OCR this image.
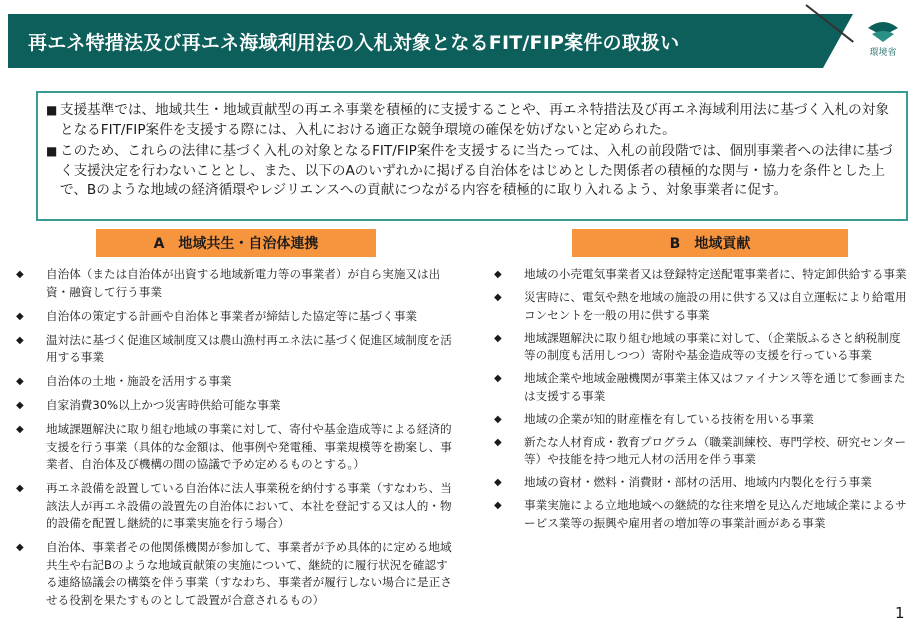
再エネ特措法及び再エネ海域利用法の入札対象となるFIT/FIP案件の取扱い	環境省
■ 支援基準では、地域共生・地域貢献型の再エネ事業を積極的に支援することや、再エネ特措法及び再エネ海域利用法に基づく入札の対象となるFIT/FIP案件を支援する際には、入札における適正な競争環境の確保を妨げないと定められた。
■ このため、これらの法律に基づく入札の対象となるFIT/FIP案件を支援するに当たっては、入札の前段階では、個別事業者への法律に基づく支援決定を行わないこととし、また、以下のAのいずれかに掲げる自治体をはじめとした関係者の積極的な関与・協力を条件とした上で、Bのような地域の経済循環やレジリエンスへの貢献につながる内容を積極的に取り入れるよう、対象事業者に促す。
A　地域共生・自治体連携	B　地域貢献
◆	自治体（または自治体が出資する地域新電力等の事業者）が自ら実施又は出資・融資して行う事業
◆	自治体の策定する計画や自治体と事業者が締結した協定等に基づく事業
◆	温対法に基づく促進区域制度又は農山漁村再エネ法に基づく促進区域制度を活用する事業
◆	自治体の土地・施設を活用する事業
◆	自家消費30%以上かつ災害時供給可能な事業
◆	地域課題解決に取り組む地域の事業に対して、寄付や基金造成等による経済的支援を行う事業（具体的な金額は、他事例や発電種、事業規模等を勘案し、事業者、自治体及び機構の間の協議で予め定めるものとする。）
◆	再エネ設備を設置している自治体に法人事業税を納付する事業（すなわち、当該法人が再エネ設備の設置先の自治体において、本社を登記する又は人的・物的設備を配置し継続的に事業実施を行う場合）
◆	自治体、事業者その他関係機関が参加して、事業者が予め具体的に定める地域共生や右記Bのような地域貢献策の実施について、継続的に履行状況を確認する連絡協議会の構築を伴う事業（すなわち、事業者が履行しない場合に是正させる役割を果たすものとして設置が合意されるもの）
◆	地域の小売電気事業者又は登録特定送配電事業者に、特定卸供給する事業
◆	災害時に、電気や熱を地域の施設の用に供する又は自立運転により給電用コンセントを一般の用に供する事業
◆	地域課題解決に取り組む地域の事業に対して、（企業版ふるさと納税制度等の制度も活用しつつ）寄附や基金造成等の支援を行っている事業
◆	地域企業や地域金融機関が事業主体又はファイナンス等を通じて参画または支援する事業
◆	地域の企業が知的財産権を有している技術を用いる事業
◆	新たな人材育成・教育プログラム（職業訓練校、専門学校、研究センター等）や技能を持つ地元人材の活用を伴う事業
◆	地域の資材・燃料・消費財・部材の活用、地域内内製化を行う事業
◆	事業実施による立地地域への継続的な往来増を見込んだ地域企業によるサービス業等の振興や雇用者の増加等の事業計画がある事業
1
